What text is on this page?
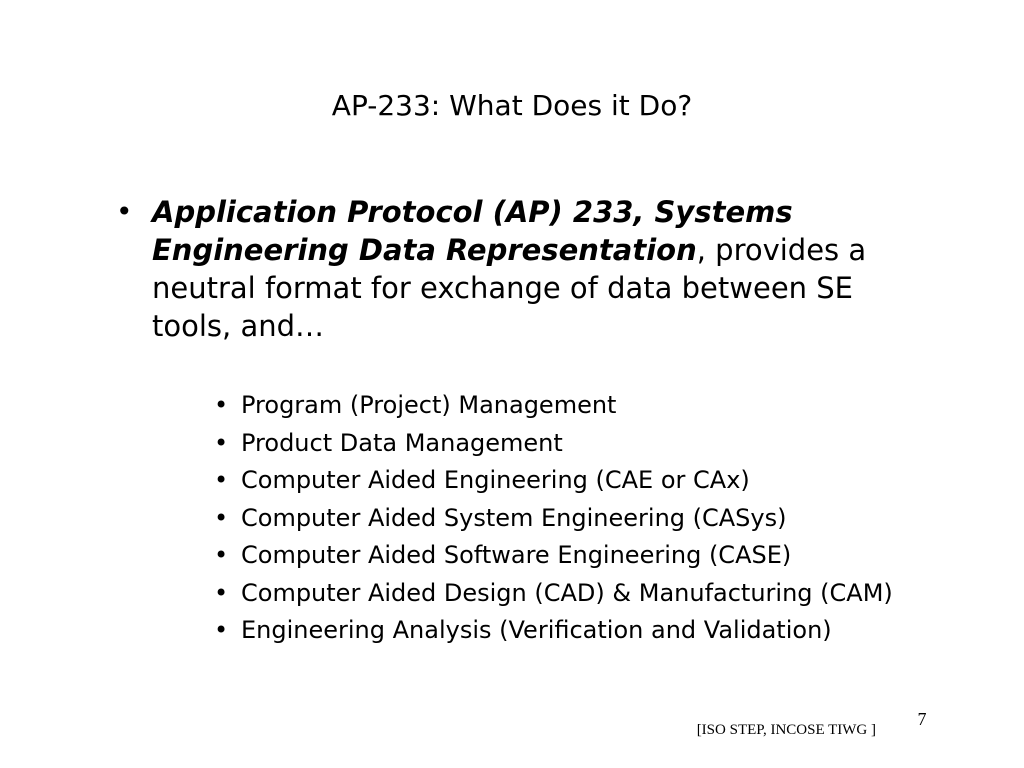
AP-233: What Does it Do?
• Application Protocol (AP) 233, Systems Engineering Data Representation, provides a neutral format for exchange of data between SE tools, and…
• Program (Project) Management
• Product Data Management
• Computer Aided Engineering (CAE or CAx)
• Computer Aided System Engineering (CASys)
• Computer Aided Software Engineering (CASE)
• Computer Aided Design (CAD) & Manufacturing (CAM)
• Engineering Analysis (Verification and Validation)
7
[ISO STEP, INCOSE TIWG ]
